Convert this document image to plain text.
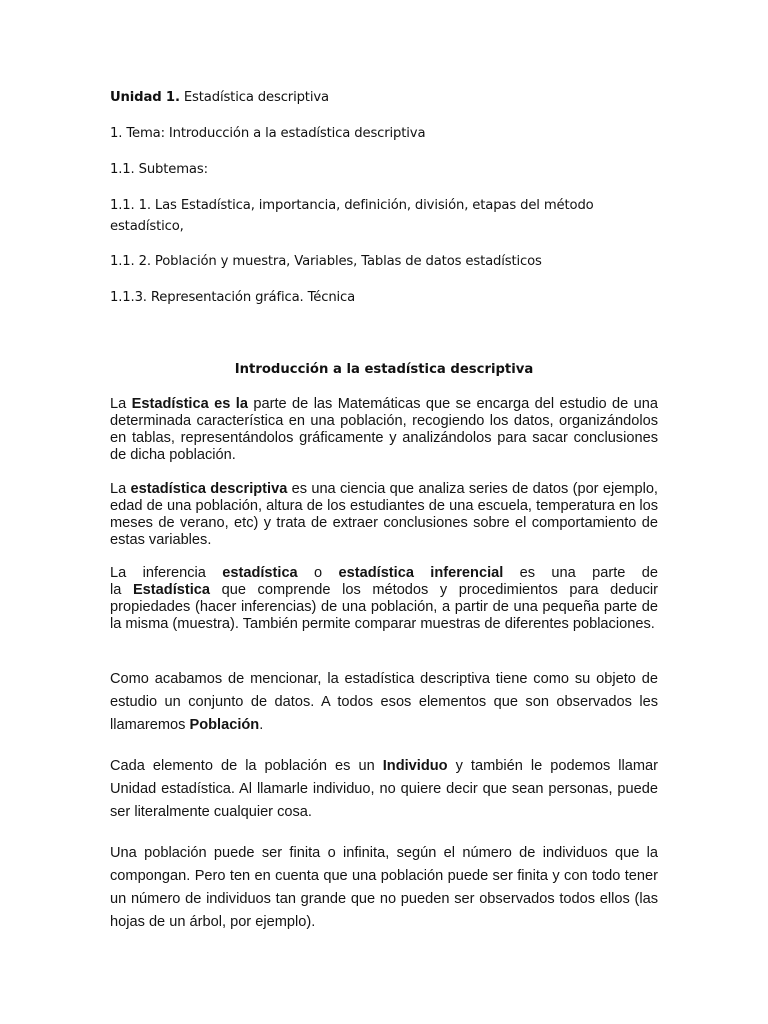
Unidad 1. Estadística descriptiva

1. Tema: Introducción a la estadística descriptiva

1.1. Subtemas:

1.1. 1. Las Estadística, importancia, definición, división, etapas del método
estadístico,

1.1. 2. Población y muestra, Variables, Tablas de datos estadísticos

1.1.3. Representación gráfica. Técnica

Introducción a la estadística descriptiva

La Estadística es la parte de las Matemáticas que se encarga del estudio de una determinada característica en una población, recogiendo los datos, organizándolos en tablas, representándolos gráficamente y analizándolos para sacar conclusiones de dicha población.

La estadística descriptiva es una ciencia que analiza series de datos (por ejemplo, edad de una población, altura de los estudiantes de una escuela, temperatura en los meses de verano, etc) y trata de extraer conclusiones sobre el comportamiento de estas variables.

La inferencia estadística o estadística inferencial es una parte de

la Estadística que comprende los métodos y procedimientos para deducir propiedades (hacer inferencias) de una población, a partir de una pequeña parte de la misma (muestra). También permite comparar muestras de diferentes poblaciones.

Como acabamos de mencionar, la estadística descriptiva tiene como su objeto de estudio un conjunto de datos. A todos esos elementos que son observados les llamaremos Población.

Cada elemento de la población es un Individuo y también le podemos llamar Unidad estadística. Al llamarle individuo, no quiere decir que sean personas, puede ser literalmente cualquier cosa.

Una población puede ser finita o infinita, según el número de individuos que la compongan. Pero ten en cuenta que una población puede ser finita y con todo tener un número de individuos tan grande que no pueden ser observados todos ellos (las hojas de un árbol, por ejemplo).
